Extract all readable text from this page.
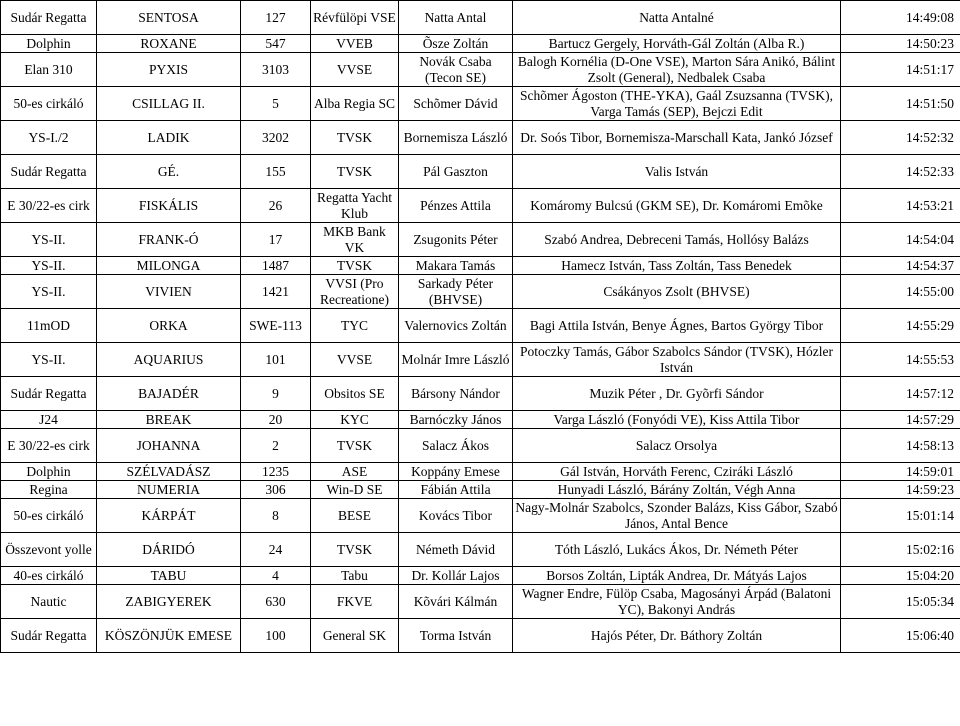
Sudár Regatta	SENTOSA	127	Révfülöpi VSE	Natta Antal	Natta Antalné	14:49:08
Dolphin	ROXANE	547	VVEB	Õsze Zoltán	Bartucz Gergely, Horváth-Gál Zoltán (Alba R.)	14:50:23
Elan 310	PYXIS	3103	VVSE	Novák Csaba (Tecon SE)	Balogh Kornélia (D-One VSE), Marton Sára Anikó, Bálint Zsolt (General), Nedbalek Csaba	14:51:17
50-es cirkáló	CSILLAG II.	5	Alba Regia SC	Schõmer Dávid	Schõmer Ágoston (THE-YKA), Gaál Zsuzsanna (TVSK), Varga Tamás (SEP), Bejczi Edit	14:51:50
YS-I./2	LADIK	3202	TVSK	Bornemisza László	Dr. Soós Tibor, Bornemisza-Marschall Kata, Jankó József	14:52:32
Sudár Regatta	GÉ.	155	TVSK	Pál Gaszton	Valis István	14:52:33
E 30/22-es cirk	FISKÁLIS	26	Regatta Yacht Klub	Pénzes Attila	Komáromy Bulcsú (GKM SE), Dr. Komáromi Emõke	14:53:21
YS-II.	FRANK-Ó	17	MKB Bank VK	Zsugonits Péter	Szabó Andrea, Debreceni Tamás, Hollósy Balázs	14:54:04
YS-II.	MILONGA	1487	TVSK	Makara Tamás	Hamecz István, Tass Zoltán, Tass Benedek	14:54:37
YS-II.	VIVIEN	1421	VVSI (Pro Recreatione)	Sarkady Péter (BHVSE)	Csákányos Zsolt (BHVSE)	14:55:00
11mOD	ORKA	SWE-113	TYC	Valernovics Zoltán	Bagi Attila István, Benye Ágnes, Bartos György Tibor	14:55:29
YS-II.	AQUARIUS	101	VVSE	Molnár Imre László	Potoczky Tamás, Gábor Szabolcs Sándor (TVSK), Hózler István	14:55:53
Sudár Regatta	BAJADÉR	9	Obsitos SE	Bársony Nándor	Muzik Péter , Dr. Gyõrfi Sándor	14:57:12
J24	BREAK	20	KYC	Barnóczky János	Varga László (Fonyódi VE), Kiss Attila Tibor	14:57:29
E 30/22-es cirk	JOHANNA	2	TVSK	Salacz Ákos	Salacz Orsolya	14:58:13
Dolphin	SZÉLVADÁSZ	1235	ASE	Koppány Emese	Gál István, Horváth Ferenc, Cziráki László	14:59:01
Regina	NUMERIA	306	Win-D SE	Fábián Attila	Hunyadi László, Bárány Zoltán, Végh Anna	14:59:23
50-es cirkáló	KÁRPÁT	8	BESE	Kovács Tibor	Nagy-Molnár Szabolcs, Szonder Balázs, Kiss Gábor, Szabó János, Antal Bence	15:01:14
Összevont yolle	DÁRIDÓ	24	TVSK	Németh Dávid	Tóth László, Lukács Ákos, Dr. Németh Péter	15:02:16
40-es cirkáló	TABU	4	Tabu	Dr. Kollár Lajos	Borsos Zoltán, Lipták Andrea, Dr. Mátyás Lajos	15:04:20
Nautic	ZABIGYEREK	630	FKVE	Kõvári Kálmán	Wagner Endre, Fülöp Csaba, Magosányi Árpád (Balatoni YC), Bakonyi András	15:05:34
Sudár Regatta	KÖSZÖNJÜK EMESE	100	General SK	Torma István	Hajós Péter, Dr. Báthory Zoltán	15:06:40
